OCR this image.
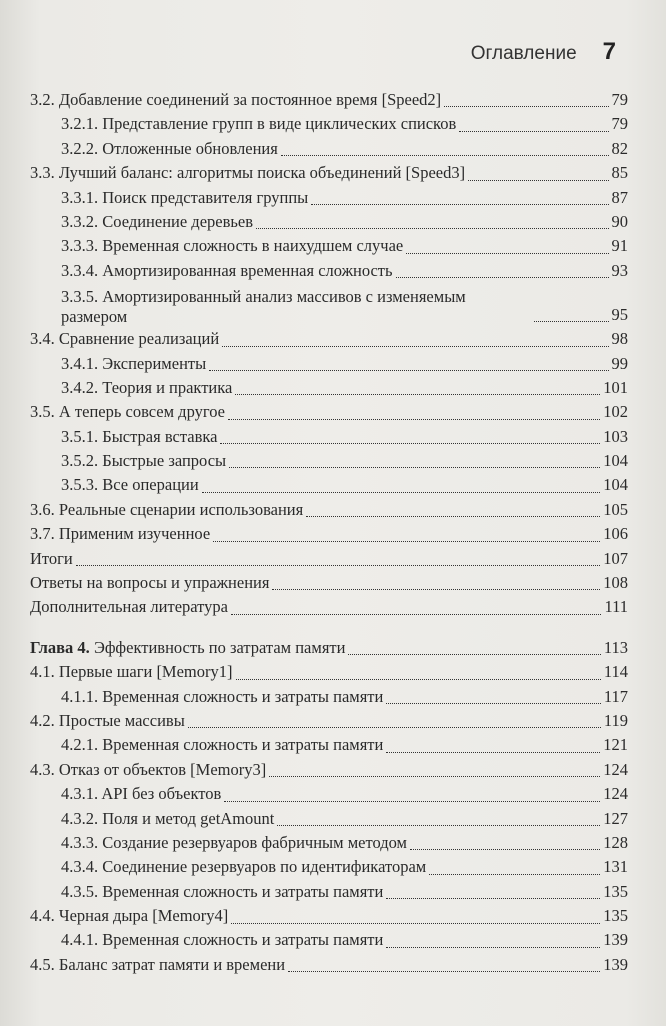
Оглавление 7
3.2. Добавление соединений за постоянное время [Speed2]	79
3.2.1. Представление групп в виде циклических списков	79
3.2.2. Отложенные обновления	82
3.3. Лучший баланс: алгоритмы поиска объединений [Speed3]	85
3.3.1. Поиск представителя группы	87
3.3.2. Соединение деревьев	90
3.3.3. Временная сложность в наихудшем случае	91
3.3.4. Амортизированная временная сложность	93
3.3.5. Амортизированный анализ массивов с изменяемым размером	95
3.4. Сравнение реализаций	98
3.4.1. Эксперименты	99
3.4.2. Теория и практика	101
3.5. А теперь совсем другое	102
3.5.1. Быстрая вставка	103
3.5.2. Быстрые запросы	104
3.5.3. Все операции	104
3.6. Реальные сценарии использования	105
3.7. Применим изученное	106
Итоги	107
Ответы на вопросы и упражнения	108
Дополнительная литература	111
Глава 4. Эффективность по затратам памяти	113
4.1. Первые шаги [Memory1]	114
4.1.1. Временная сложность и затраты памяти	117
4.2. Простые массивы	119
4.2.1. Временная сложность и затраты памяти	121
4.3. Отказ от объектов [Memory3]	124
4.3.1. API без объектов	124
4.3.2. Поля и метод getAmount	127
4.3.3. Создание резервуаров фабричным методом	128
4.3.4. Соединение резервуаров по идентификаторам	131
4.3.5. Временная сложность и затраты памяти	135
4.4. Черная дыра [Memory4]	135
4.4.1. Временная сложность и затраты памяти	139
4.5. Баланс затрат памяти и времени	139
